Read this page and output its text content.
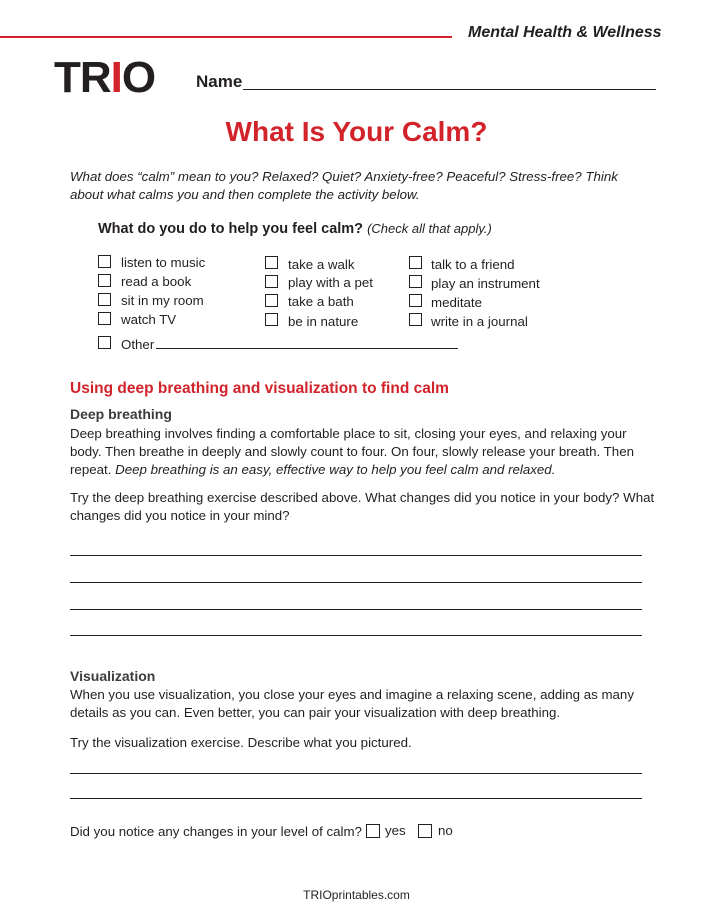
Mental Health & Wellness
TRIO Name
What Is Your Calm?
What does “calm” mean to you? Relaxed? Quiet? Anxiety-free? Peaceful? Stress-free? Think about what calms you and then complete the activity below.
What do you do to help you feel calm? (Check all that apply.)
listen to music
read a book
sit in my room
watch TV
take a walk
play with a pet
take a bath
be in nature
talk to a friend
play an instrument
meditate
write in a journal
Other
Using deep breathing and visualization to find calm
Deep breathing
Deep breathing involves finding a comfortable place to sit, closing your eyes, and relaxing your body. Then breathe in deeply and slowly count to four. On four, slowly release your breath. Then repeat. Deep breathing is an easy, effective way to help you feel calm and relaxed.
Try the deep breathing exercise described above. What changes did you notice in your body? What changes did you notice in your mind?
Visualization
When you use visualization, you close your eyes and imagine a relaxing scene, adding as many details as you can. Even better, you can pair your visualization with deep breathing.
Try the visualization exercise. Describe what you pictured.
Did you notice any changes in your level of calm? yes no
TRIOprintables.com
